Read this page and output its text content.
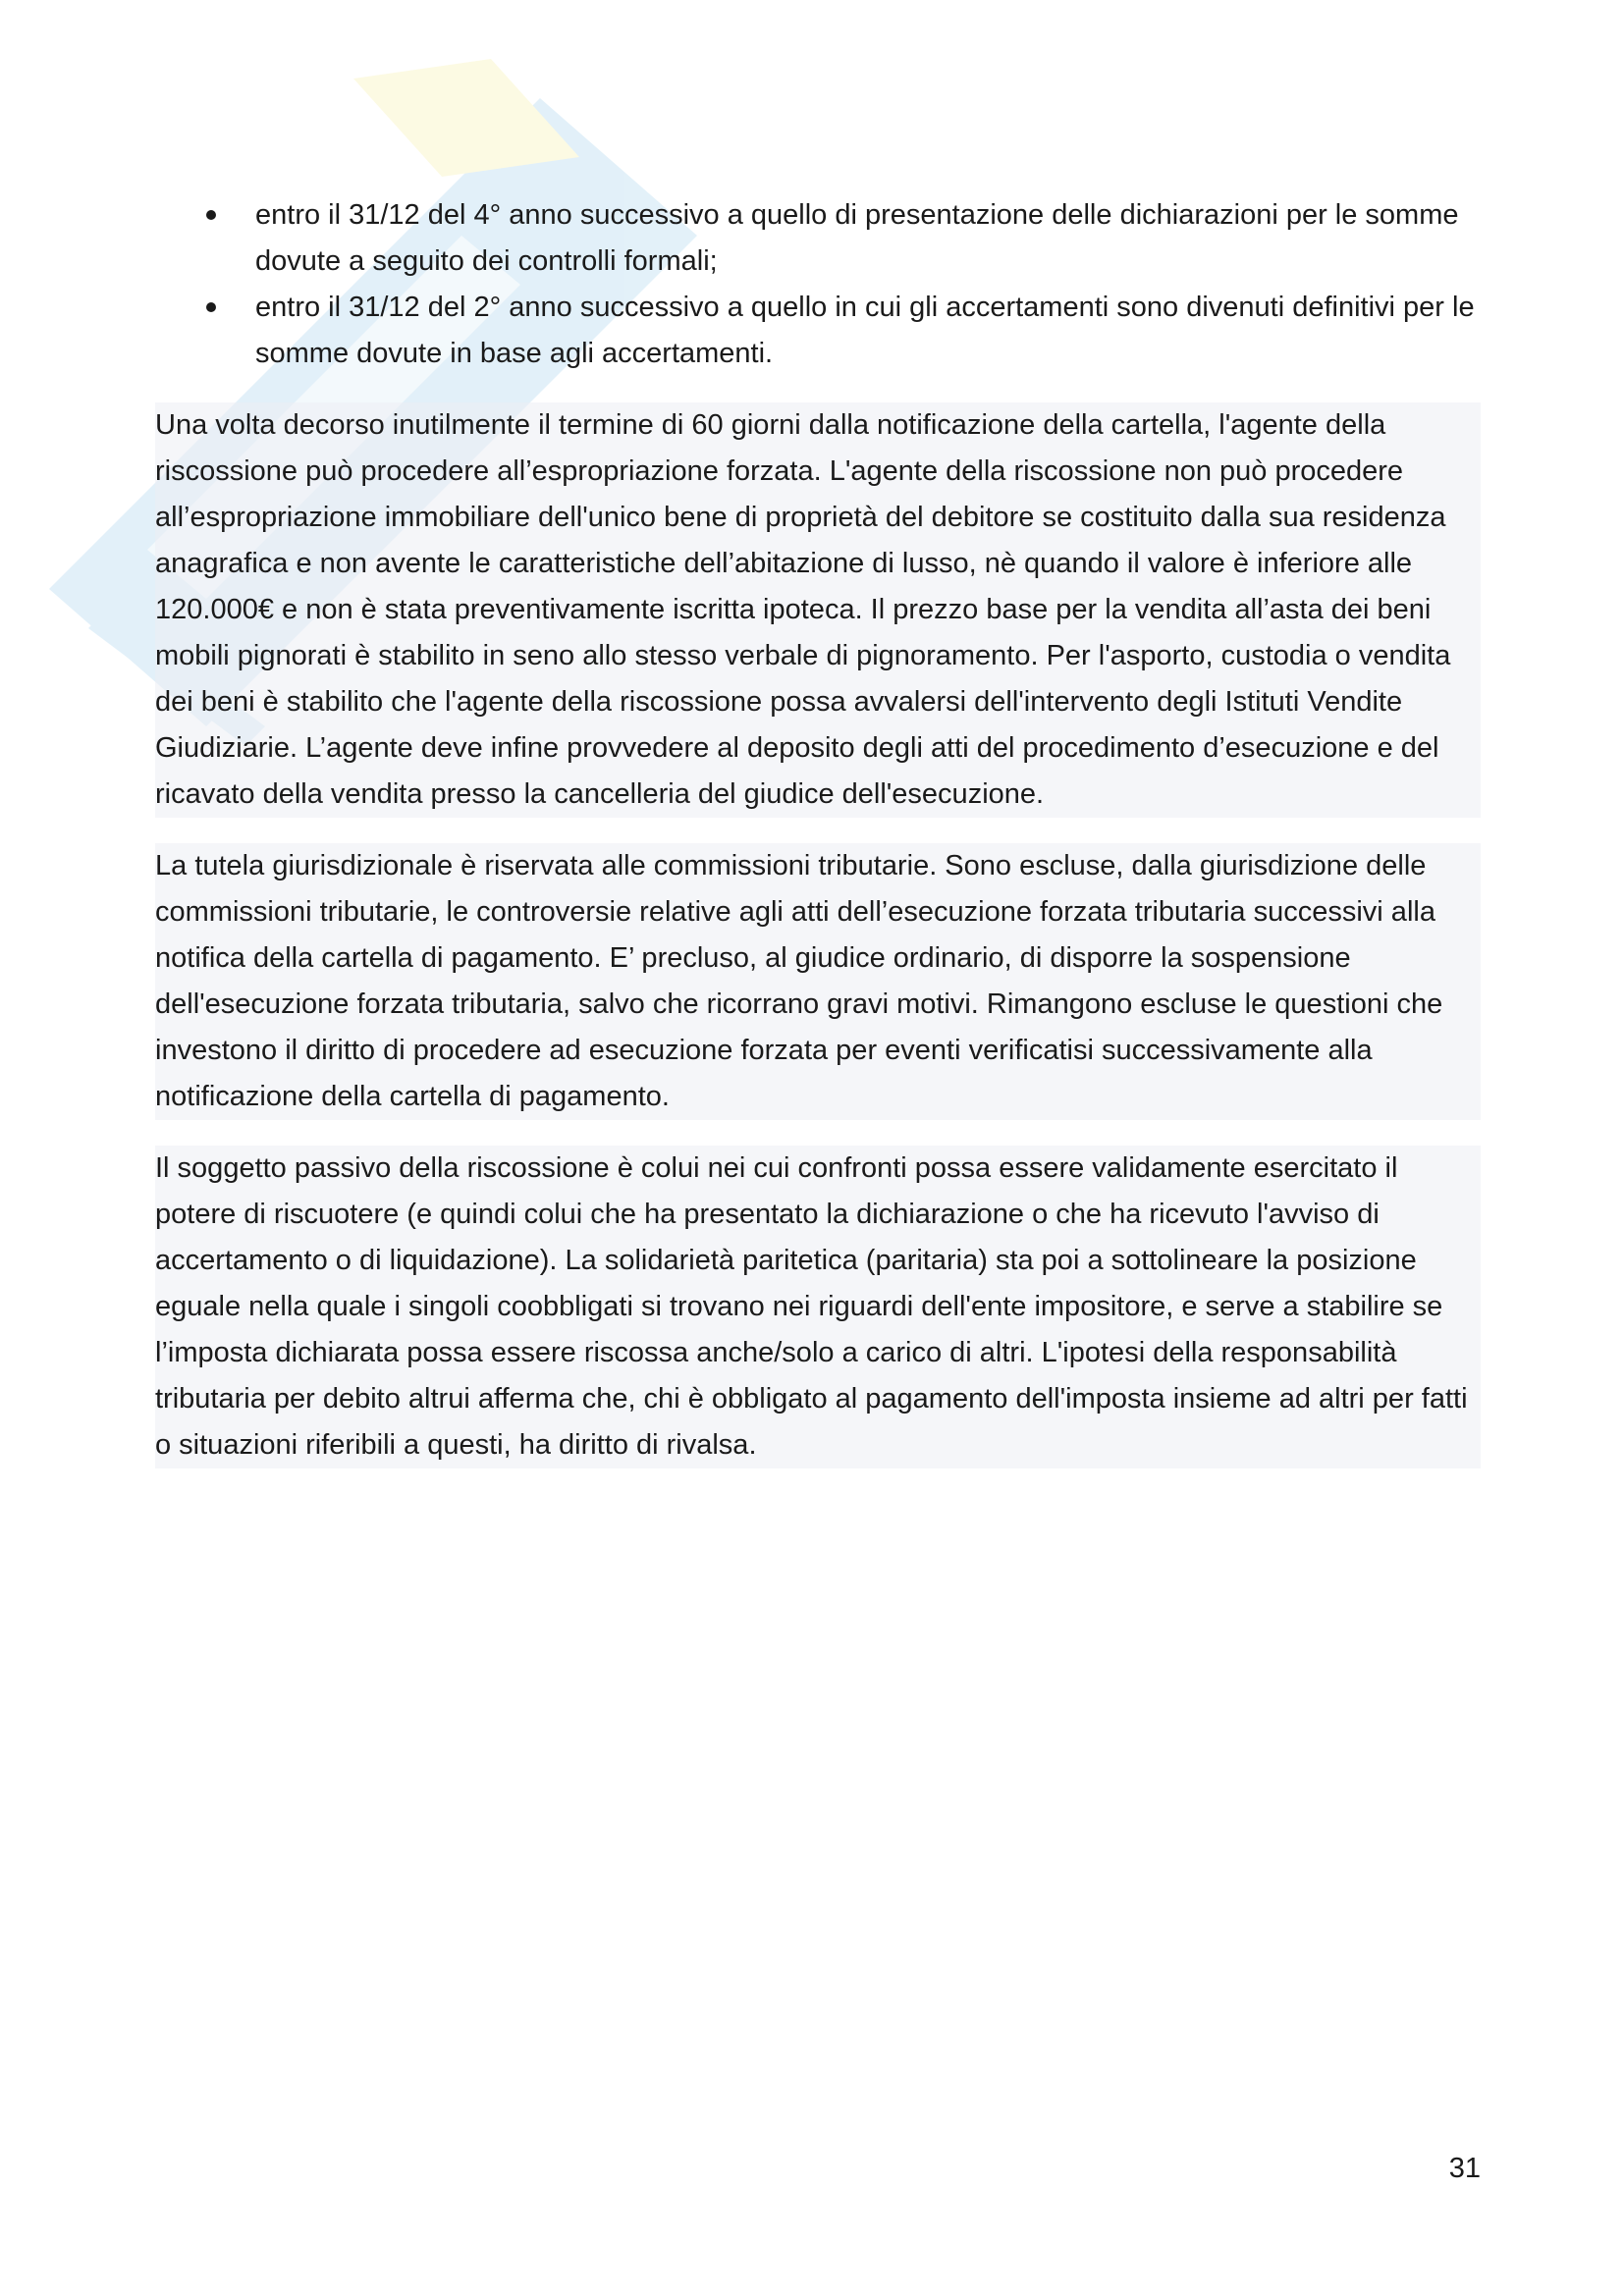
entro il 31/12 del 4° anno successivo a quello di presentazione delle dichiarazioni per le somme dovute a seguito dei controlli formali;
entro il 31/12 del 2° anno successivo a quello in cui gli accertamenti sono divenuti definitivi per le somme dovute in base agli accertamenti.

Una volta decorso inutilmente il termine di 60 giorni dalla notificazione della cartella, l'agente della riscossione può procedere all’espropriazione forzata. L'agente della riscossione non può procedere all’espropriazione immobiliare dell'unico bene di proprietà del debitore se costituito dalla sua residenza anagrafica e non avente le caratteristiche dell’abitazione di lusso, nè quando il valore è inferiore alle 120.000€ e non è stata preventivamente iscritta ipoteca. Il prezzo base per la vendita all’asta dei beni mobili pignorati è stabilito in seno allo stesso verbale di pignoramento. Per l'asporto, custodia o vendita dei beni è stabilito che l'agente della riscossione possa avvalersi dell'intervento degli Istituti Vendite Giudiziarie. L’agente deve infine provvedere al deposito degli atti del procedimento d’esecuzione e del ricavato della vendita presso la cancelleria del giudice dell'esecuzione.

La tutela giurisdizionale è riservata alle commissioni tributarie. Sono escluse, dalla giurisdizione delle commissioni tributarie, le controversie relative agli atti dell’esecuzione forzata tributaria successivi alla notifica della cartella di pagamento. E’ precluso, al giudice ordinario, di disporre la sospensione dell'esecuzione forzata tributaria, salvo che ricorrano gravi motivi. Rimangono escluse le questioni che investono il diritto di procedere ad esecuzione forzata per eventi verificatisi successivamente alla notificazione della cartella di pagamento.

Il soggetto passivo della riscossione è colui nei cui confronti possa essere validamente esercitato il potere di riscuotere (e quindi colui che ha presentato la dichiarazione o che ha ricevuto l'avviso di accertamento o di liquidazione). La solidarietà paritetica (paritaria) sta poi a sottolineare la posizione eguale nella quale i singoli coobbligati si trovano nei riguardi dell'ente impositore, e serve a stabilire se l’imposta dichiarata possa essere riscossa anche/solo a carico di altri. L'ipotesi della responsabilità tributaria per debito altrui afferma che, chi è obbligato al pagamento dell'imposta insieme ad altri per fatti o situazioni riferibili a questi, ha diritto di rivalsa.

31
